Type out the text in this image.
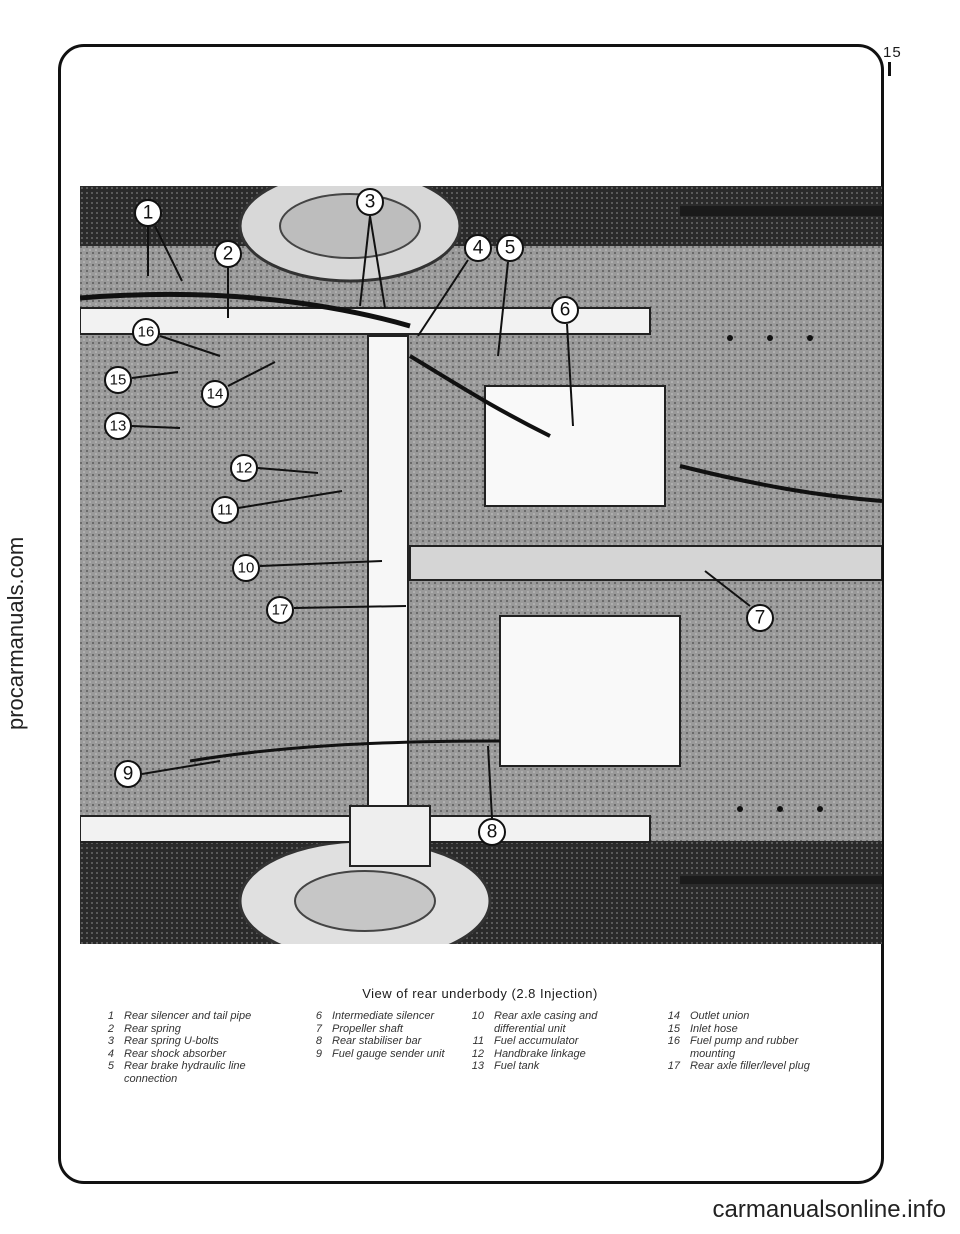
15
1
2
3
4 5
6
7
8
9
10
11
12
13
14
15
16
17
View of rear underbody (2.8 Injection)
1 Rear silencer and tail pipe
2 Rear spring
3 Rear spring U-bolts
4 Rear shock absorber
5 Rear brake hydraulic line
connection
6 Intermediate silencer
7 Propeller shaft
8 Rear stabiliser bar
9 Fuel gauge sender unit
10 Rear axle casing and
differential unit
11 Fuel accumulator
12 Handbrake linkage
13 Fuel tank
14 Outlet union
15 Inlet hose
16 Fuel pump and rubber
mounting
17 Rear axle filler/level plug
procarmanuals.com
carmanualsonline.info
